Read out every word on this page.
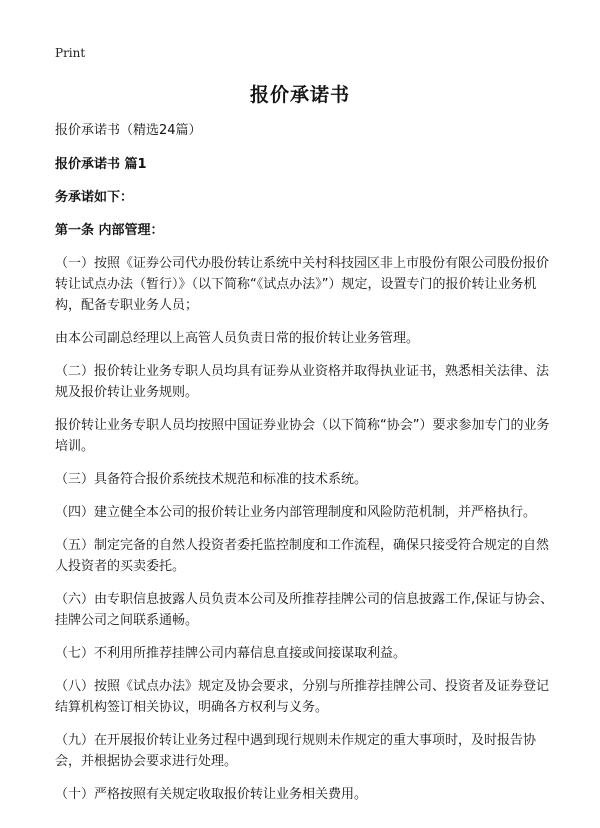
Print
报价承诺书

报价承诺书（精选24篇）

报价承诺书 篇1

务承诺如下：

第一条 内部管理：

（一）按照《证券公司代办股份转让系统中关村科技园区非上市股份有限公司股份报价转让试点办法（暂行）》（以下简称“《试点办法》”）规定，设置专门的报价转让业务机构，配备专职业务人员；

由本公司副总经理以上高管人员负责日常的报价转让业务管理。

（二）报价转让业务专职人员均具有证券从业资格并取得执业证书，熟悉相关法律、法规及报价转让业务规则。

报价转让业务专职人员均按照中国证券业协会（以下简称“协会”）要求参加专门的业务培训。

（三）具备符合报价系统技术规范和标准的技术系统。

（四）建立健全本公司的报价转让业务内部管理制度和风险防范机制，并严格执行。

（五）制定完备的自然人投资者委托监控制度和工作流程，确保只接受符合规定的自然人投资者的买卖委托。

（六）由专职信息披露人员负责本公司及所推荐挂牌公司的信息披露工作,保证与协会、挂牌公司之间联系通畅。

（七）不利用所推荐挂牌公司内幕信息直接或间接谋取利益。

（八）按照《试点办法》规定及协会要求，分别与所推荐挂牌公司、投资者及证券登记结算机构签订相关协议，明确各方权利与义务。

（九）在开展报价转让业务过程中遇到现行规则未作规定的重大事项时，及时报告协会，并根据协会要求进行处理。

（十）严格按照有关规定收取报价转让业务相关费用。
